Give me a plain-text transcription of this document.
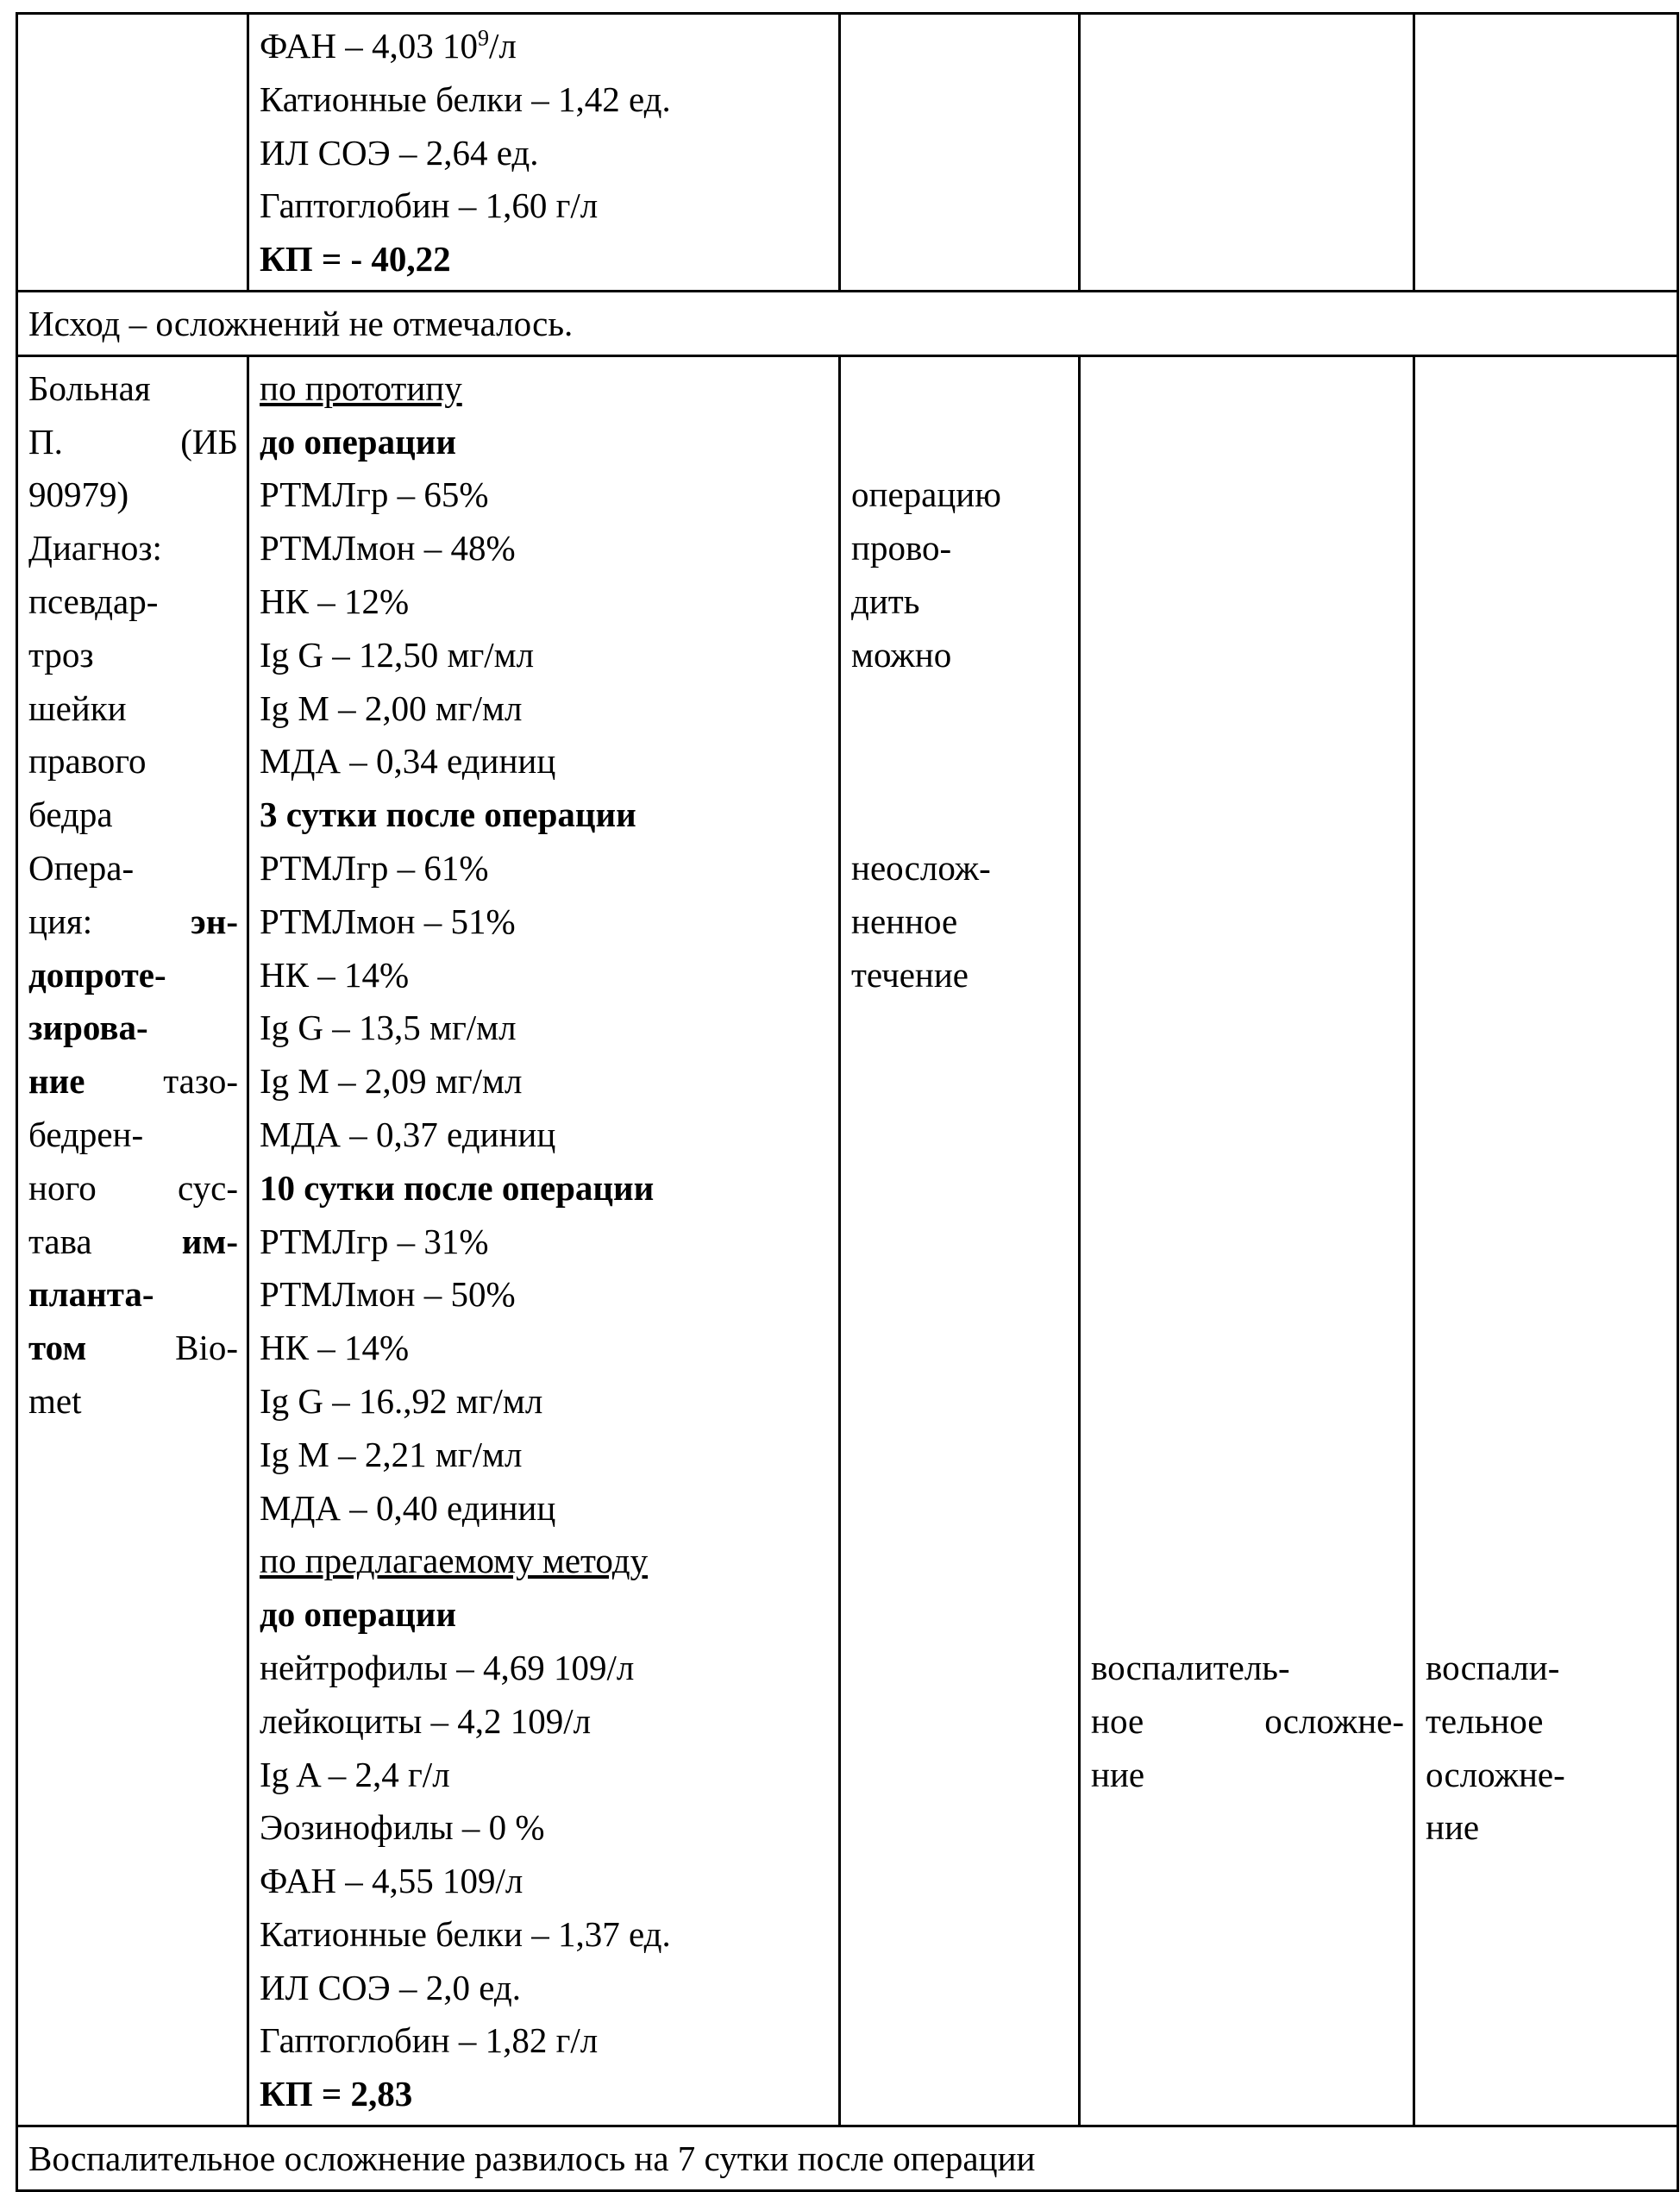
ФАН – 4,03 109/л
Катионные белки – 1,42 ед.
ИЛ СОЭ – 2,64 ед.
Гаптоглобин – 1,60 г/л
КП = - 40,22

Исход – осложнений не отмечалось.

Больная
П.	(ИБ
90979)
Диагноз:
псевдар-
троз
шейки
правого
бедра
Опера-
ция:	эн-
допроте-
зирова-
ние тазо-
бедрен-
ного сус-
тава	им-
планта-
том	Bio-
met

по прототипу
до операции
РТМЛгр – 65%
РТМЛмон – 48%
НК – 12%
Ig G – 12,50 мг/мл
Ig M – 2,00 мг/мл
МДА – 0,34 единиц
3 сутки после операции
РТМЛгр – 61%
РТМЛмон – 51%
НК – 14%
Ig G – 13,5 мг/мл
Ig M – 2,09 мг/мл
МДА – 0,37 единиц
10 сутки после операции
РТМЛгр – 31%
РТМЛмон – 50%
НК – 14%
Ig G – 16.,92 мг/мл
Ig M – 2,21 мг/мл
МДА – 0,40 единиц
по предлагаемому методу
до операции
нейтрофилы – 4,69 109/л
лейкоциты – 4,2 109/л
Ig A – 2,4 г/л
Эозинофилы – 0 %
ФАН – 4,55 109/л
Катионные белки – 1,37 ед.
ИЛ СОЭ – 2,0 ед.
Гаптоглобин – 1,82 г/л
КП = 2,83

операцию
прово-
дить
можно
неослож-
ненное
течение

воспалитель-
ное	осложне-
ние

воспали-
тельное
осложне-
ние

Воспалительное осложнение развилось на 7 сутки после операции
